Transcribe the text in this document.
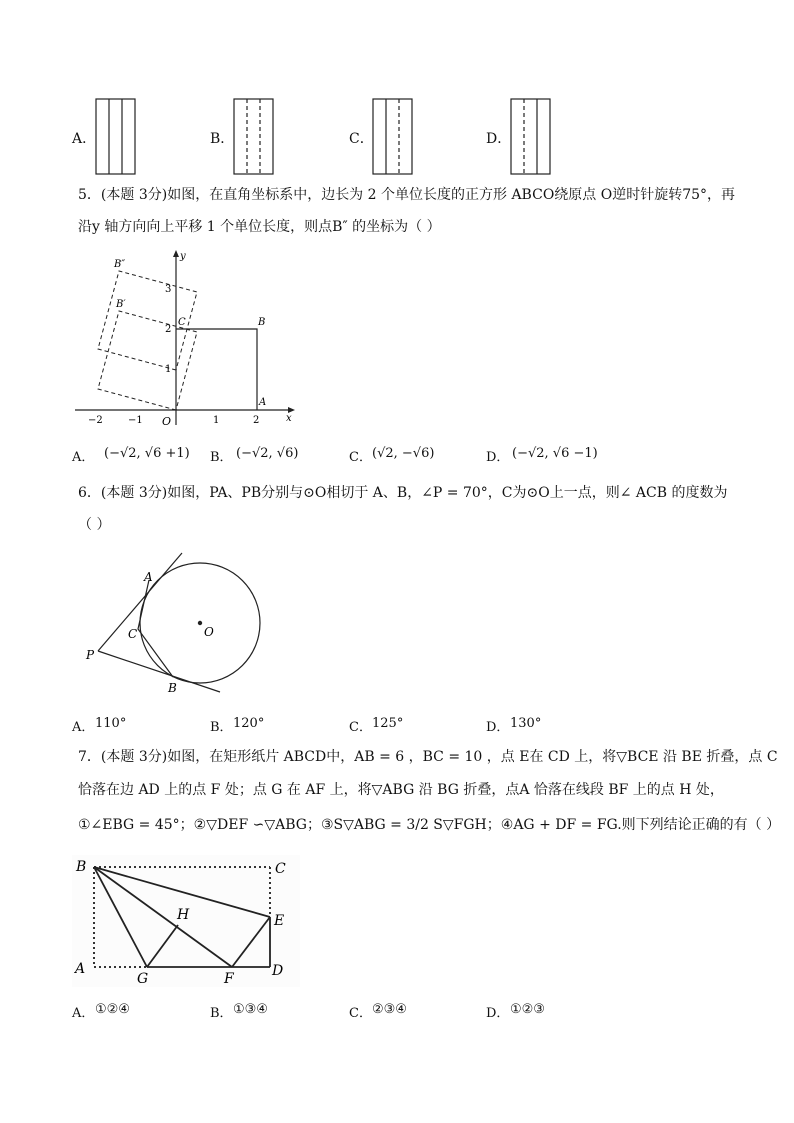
A．	B．	C．	D．
5．(本题 3分)如图，在直角坐标系中，边长为 2 个单位长度的正方形 ABCO绕原点 O逆时针旋转75°，再
沿y 轴方向向上平移 1 个单位长度，则点B″ 的坐标为（ ）
y
x
O
B″
B′
C	B
A
3
2
1
−2	−1	1	2
A． (−√2, √6 +1) B． (−√2, √6)	C． (√2, −√6)	D． (−√2, √6 −1)
6．(本题 3分)如图，PA、PB分别与⊙O相切于 A、B，∠P = 70°，C为⊙O上一点，则∠ ACB 的度数为
（ ）
A
C	O
P
B
A． 110°	B． 120°	C． 125°	D． 130°
7．(本题 3分)如图，在矩形纸片 ABCD中，AB = 6 ，BC = 10 ，点 E在 CD 上，将▽BCE 沿 BE 折叠，点 C
恰落在边 AD 上的点 F 处；点 G 在 AF 上，将▽ABG 沿 BG 折叠，点A 恰落在线段 BF 上的点 H 处，
①∠EBG = 45°；②▽DEF ∽▽ABG；③S▽ABG = 3/2 S▽FGH；④AG + DF = FG.则下列结论正确的有（ ）
B	C
H	E
A
G	F	D
A． ①②④	B． ①③④	C． ②③④	D． ①②③
